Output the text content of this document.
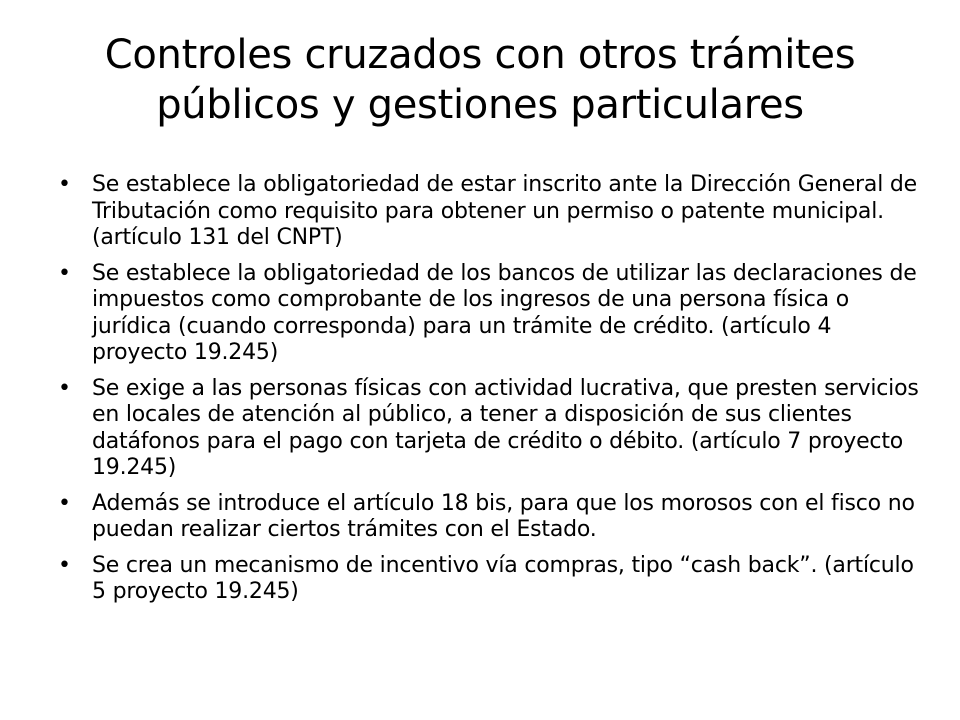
Controles cruzados con otros trámites públicos y gestiones particulares
• Se establece la obligatoriedad de estar inscrito ante la Dirección General de Tributación como requisito para obtener un permiso o patente municipal. (artículo 131 del CNPT)
• Se establece la obligatoriedad de los bancos de utilizar las declaraciones de impuestos como comprobante de los ingresos de una persona física o jurídica (cuando corresponda) para un trámite de crédito. (artículo 4 proyecto 19.245)
• Se exige a las personas físicas con actividad lucrativa, que presten servicios en locales de atención al público, a tener a disposición de sus clientes datáfonos para el pago con tarjeta de crédito o débito. (artículo 7 proyecto 19.245)
• Además se introduce el artículo 18 bis, para que los morosos con el fisco no puedan realizar ciertos trámites con el Estado.
• Se crea un mecanismo de incentivo vía compras, tipo “cash back”. (artículo 5 proyecto 19.245)
